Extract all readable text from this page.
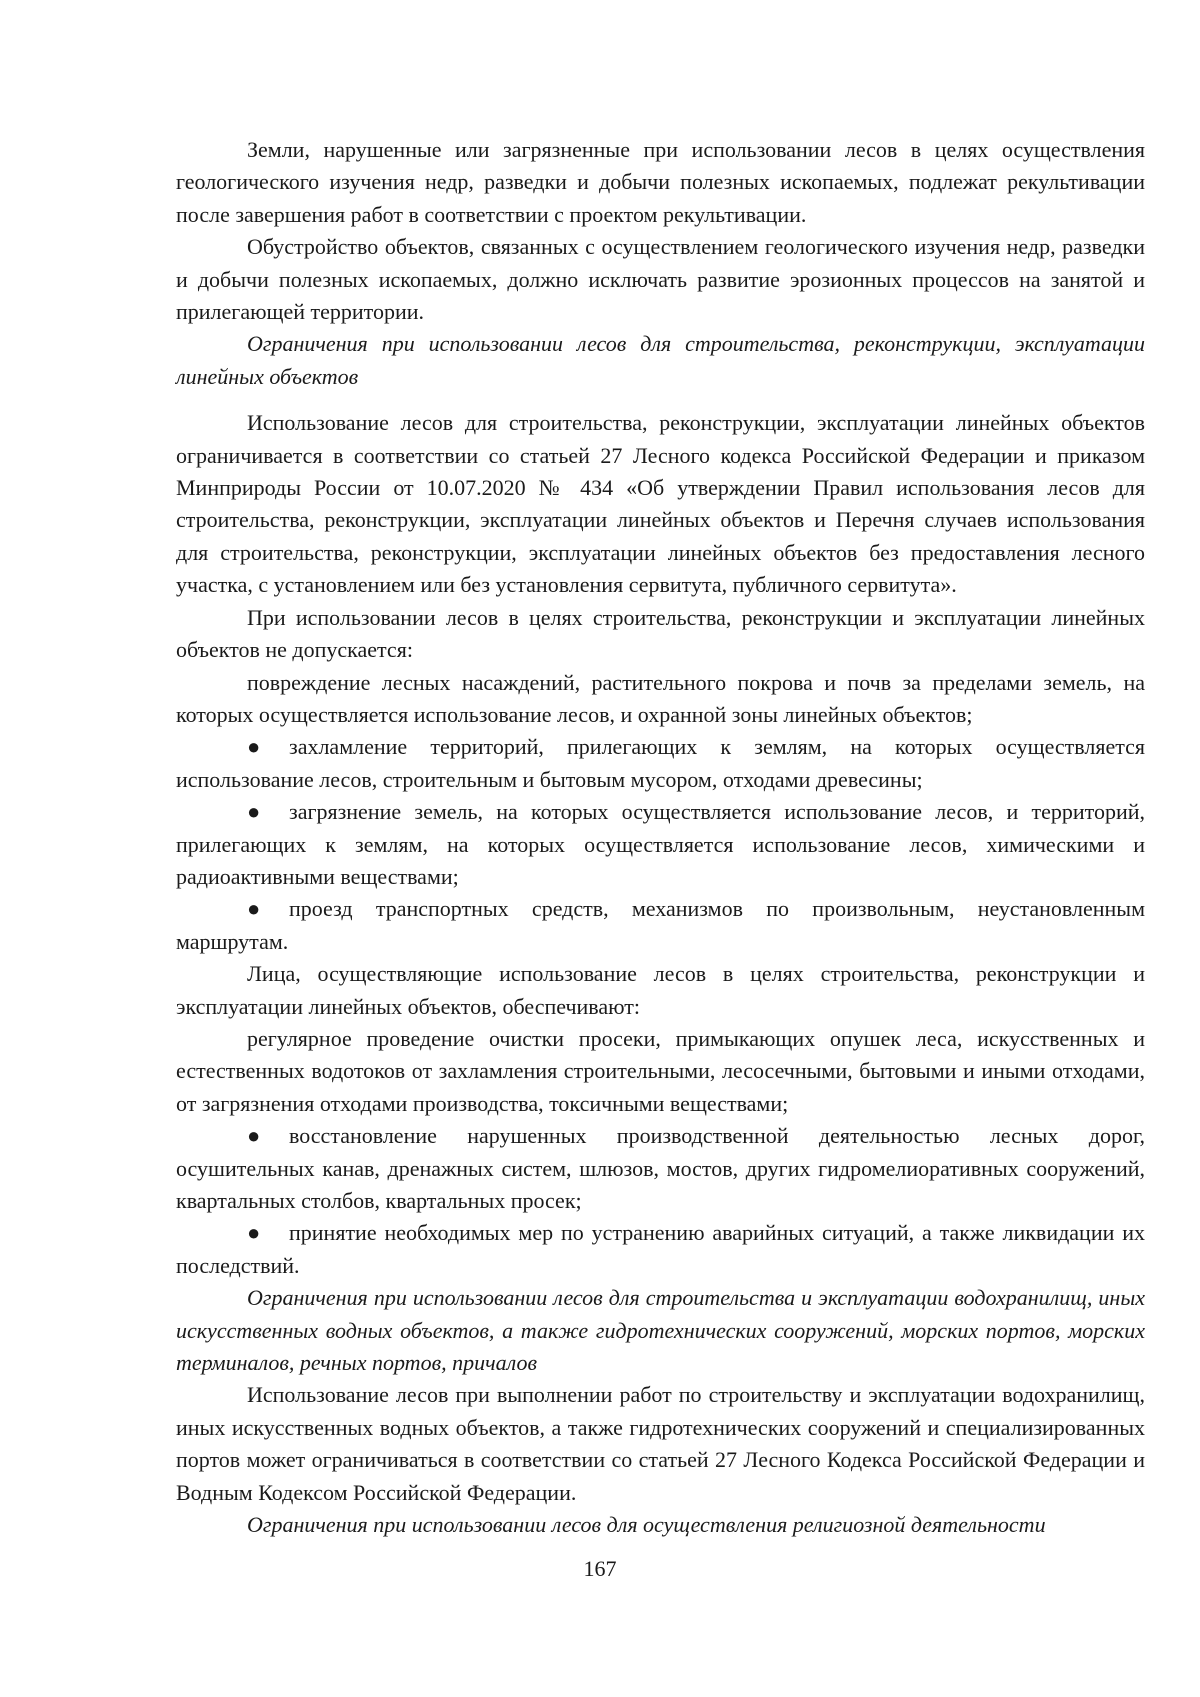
Земли, нарушенные или загрязненные при использовании лесов в целях осуществления геологического изучения недр, разведки и добычи полезных ископаемых, подлежат рекультивации после завершения работ в соответствии с проектом рекультивации.

Обустройство объектов, связанных с осуществлением геологического изучения недр, разведки и добычи полезных ископаемых, должно исключать развитие эрозионных процессов на занятой и прилегающей территории.

Ограничения при использовании лесов для строительства, реконструкции, эксплуатации линейных объектов

Использование лесов для строительства, реконструкции, эксплуатации линейных объектов ограничивается в соответствии со статьей 27 Лесного кодекса Российской Федерации и приказом Минприроды России от 10.07.2020 № 434 «Об утверждении Правил использования лесов для строительства, реконструкции, эксплуатации линейных объектов и Перечня случаев использования для строительства, реконструкции, эксплуатации линейных объектов без предоставления лесного участка, с установлением или без установления сервитута, публичного сервитута».

При использовании лесов в целях строительства, реконструкции и эксплуатации линейных объектов не допускается:

повреждение лесных насаждений, растительного покрова и почв за пределами земель, на которых осуществляется использование лесов, и охранной зоны линейных объектов;

● захламление территорий, прилегающих к землям, на которых осуществляется использование лесов, строительным и бытовым мусором, отходами древесины;

● загрязнение земель, на которых осуществляется использование лесов, и территорий, прилегающих к землям, на которых осуществляется использование лесов, химическими и радиоактивными веществами;

● проезд транспортных средств, механизмов по произвольным, неустановленным маршрутам.

Лица, осуществляющие использование лесов в целях строительства, реконструкции и эксплуатации линейных объектов, обеспечивают:

регулярное проведение очистки просеки, примыкающих опушек леса, искусственных и естественных водотоков от захламления строительными, лесосечными, бытовыми и иными отходами, от загрязнения отходами производства, токсичными веществами;

● восстановление нарушенных производственной деятельностью лесных дорог, осушительных канав, дренажных систем, шлюзов, мостов, других гидромелиоративных сооружений, квартальных столбов, квартальных просек;

● принятие необходимых мер по устранению аварийных ситуаций, а также ликвидации их последствий.

Ограничения при использовании лесов для строительства и эксплуатации водохранилищ, иных искусственных водных объектов, а также гидротехнических сооружений, морских портов, морских терминалов, речных портов, причалов

Использование лесов при выполнении работ по строительству и эксплуатации водохранилищ, иных искусственных водных объектов, а также гидротехнических сооружений и специализированных портов может ограничиваться в соответствии со статьей 27 Лесного Кодекса Российской Федерации и Водным Кодексом Российской Федерации.

Ограничения при использовании лесов для осуществления религиозной деятельности

167
